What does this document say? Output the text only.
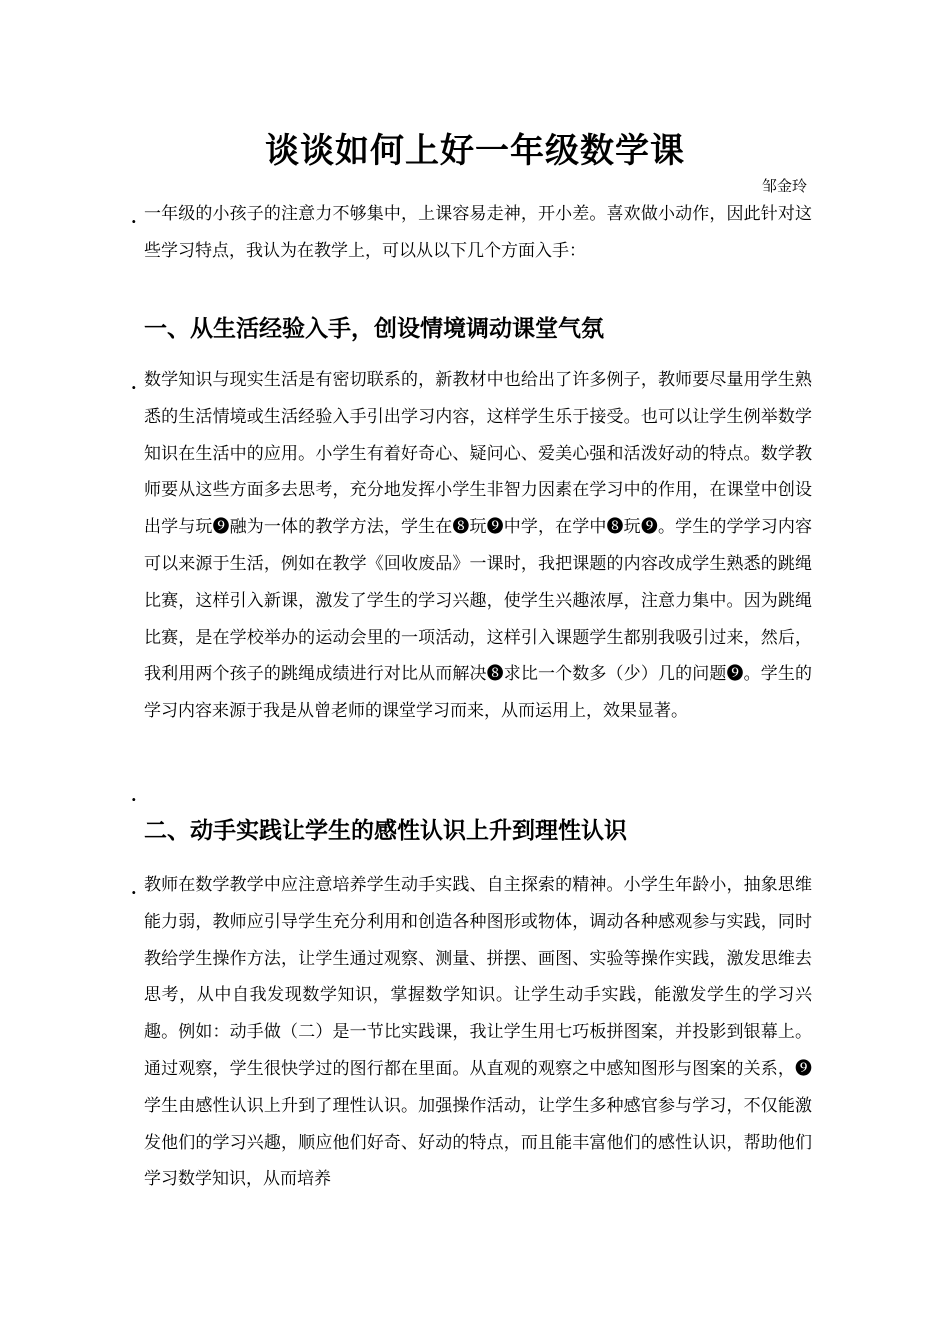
谈谈如何上好一年级数学课

邹金玲

. 一年级的小孩子的注意力不够集中，上课容易走神，开小差。喜欢做小动作，因此针对这些学习特点，我认为在教学上，可以从以下几个方面入手：

一、从生活经验入手，创设情境调动课堂气氛
. 数学知识与现实生活是有密切联系的，新教材中也给出了许多例子，教师要尽量用学生熟悉的生活情境或生活经验入手引出学习内容，这样学生乐于接受。也可以让学生例举数学知识在生活中的应用。小学生有着好奇心、疑问心、爱美心强和活泼好动的特点。数学教师要从这些方面多去思考，充分地发挥小学生非智力因素在学习中的作用，在课堂中创设出学与玩❾融为一体的教学方法，学生在❽玩❾中学，在学中❽玩❾。学生的学学习内容可以来源于生活，例如在教学《回收废品》一课时，我把课题的内容改成学生熟悉的跳绳比赛，这样引入新课，激发了学生的学习兴趣，使学生兴趣浓厚，注意力集中。因为跳绳比赛，是在学校举办的运动会里的一项活动，这样引入课题学生都别我吸引过来，然后，我利用两个孩子的跳绳成绩进行对比从而解决❽求比一个数多（少）几的问题❾。学生的学习内容来源于我是从曾老师的课堂学习而来，从而运用上，效果显著。

.
二、动手实践让学生的感性认识上升到理性认识
. 教师在数学教学中应注意培养学生动手实践、自主探索的精神。小学生年龄小，抽象思维能力弱，教师应引导学生充分利用和创造各种图形或物体，调动各种感观参与实践，同时教给学生操作方法，让学生通过观察、测量、拼摆、画图、实验等操作实践，激发思维去思考，从中自我发现数学知识，掌握数学知识。让学生动手实践，能激发学生的学习兴趣。例如：动手做（二）是一节比实践课，我让学生用七巧板拼图案，并投影到银幕上。通过观察，学生很快学过的图行都在里面。从直观的观察之中感知图形与图案的关系，❾学生由感性认识上升到了理性认识。加强操作活动，让学生多种感官参与学习，不仅能激发他们的学习兴趣，顺应他们好奇、好动的特点，而且能丰富他们的感性认识，帮助他们学习数学知识，从而培养
